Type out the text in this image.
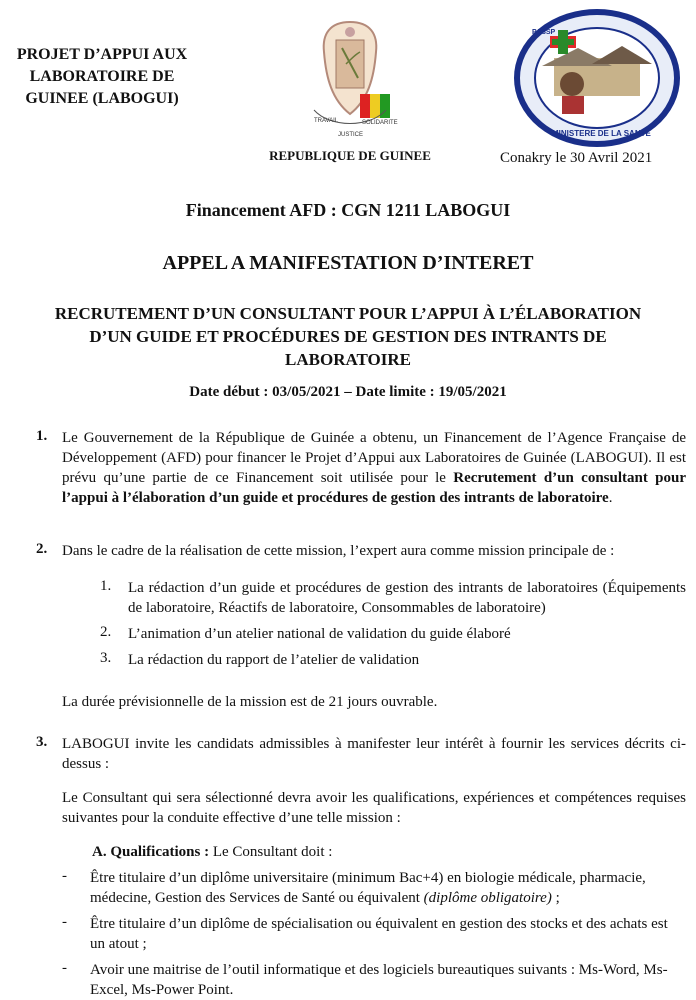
PROJET D’APPUI AUX LABORATOIRE DE GUINEE (LABOGUI)
TRAVAIL
JUSTICE
SOLIDARITE
REPUBLIQUE DE GUINEE
PASSP
MINISTERE DE LA SANTE
Conakry le 30 Avril 2021
Financement AFD : CGN 1211 LABOGUI
APPEL A MANIFESTATION D’INTERET
RECRUTEMENT D’UN CONSULTANT POUR L’APPUI À L’ÉLABORATION D’UN GUIDE ET PROCÉDURES DE GESTION DES INTRANTS DE LABORATOIRE
Date début : 03/05/2021 – Date limite : 19/05/2021
1. Le Gouvernement de la République de Guinée a obtenu, un Financement de l’Agence Française de Développement (AFD) pour financer le Projet d’Appui aux Laboratoires de Guinée (LABOGUI). Il est prévu qu’une partie de ce Financement soit utilisée pour le Recrutement d’un consultant pour l’appui à l’élaboration d’un guide et procédures de gestion des intrants de laboratoire.
2. Dans le cadre de la réalisation de cette mission, l’expert aura comme mission principale de :
1.	La rédaction d’un guide et procédures de gestion des intrants de laboratoires (Équipements de laboratoire, Réactifs de laboratoire, Consommables de laboratoire)
2.	L’animation d’un atelier national de validation du guide élaboré
3.	La rédaction du rapport de l’atelier de validation
La durée prévisionnelle de la mission est de 21 jours ouvrable.
3. LABOGUI invite les candidats admissibles à manifester leur intérêt à fournir les services décrits ci-dessus :
Le Consultant qui sera sélectionné devra avoir les qualifications, expériences et compétences requises suivantes pour la conduite effective d’une telle mission :
A. Qualifications : Le Consultant doit :
- Être titulaire d’un diplôme universitaire (minimum Bac+4) en biologie médicale, pharmacie, médecine, Gestion des Services de Santé ou équivalent (diplôme obligatoire) ;
- Être titulaire d’un diplôme de spécialisation ou équivalent en gestion des stocks et des achats est un atout ;
- Avoir une maitrise de l’outil informatique et des logiciels bureautiques suivants : Ms-Word, Ms-Excel, Ms-Power Point.
